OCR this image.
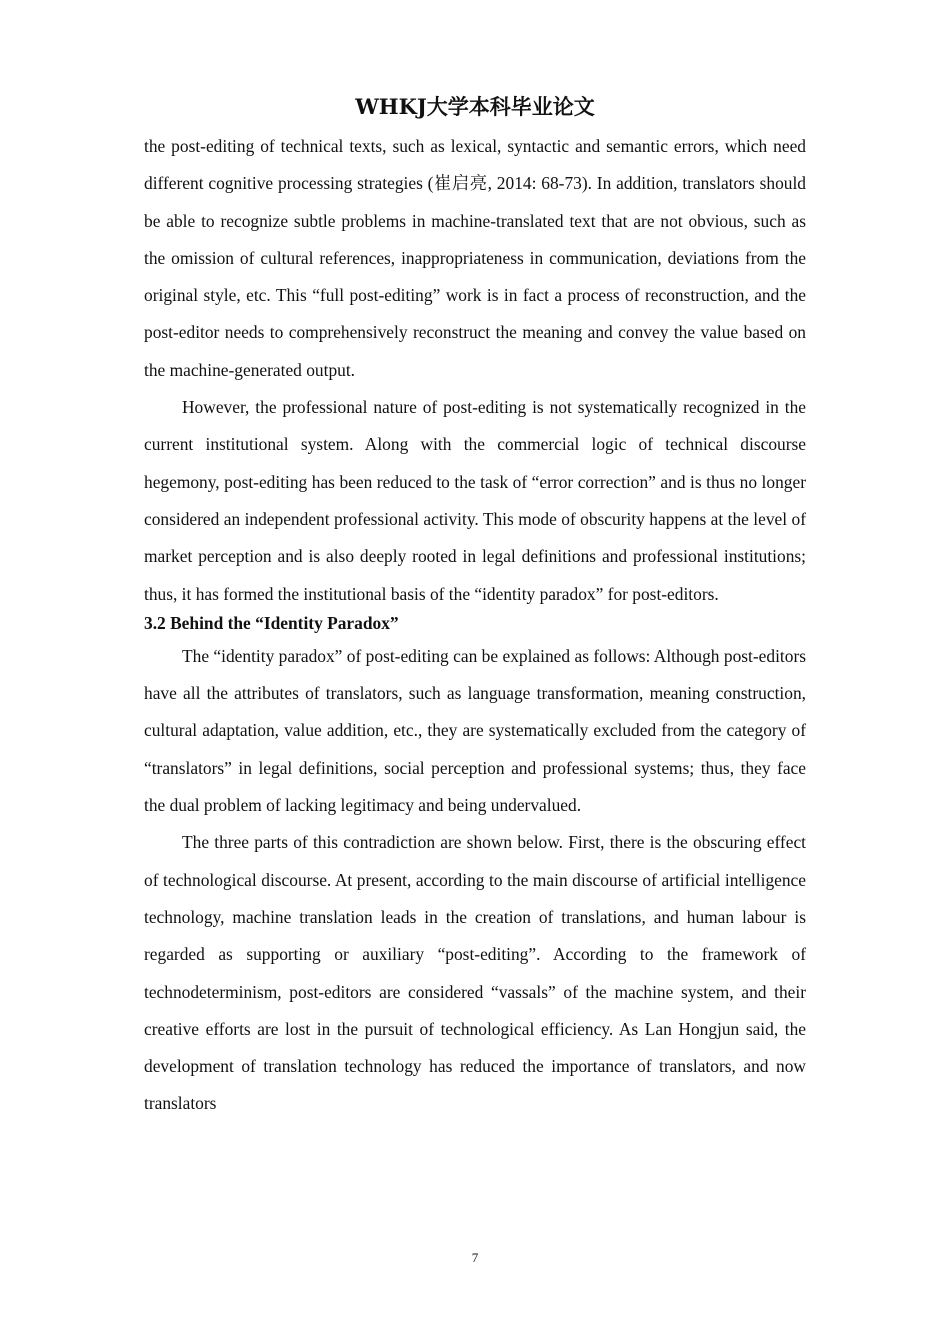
WHKJ大学本科毕业论文

the post-editing of technical texts, such as lexical, syntactic and semantic errors, which need different cognitive processing strategies (崔启亮, 2014: 68-73). In addition, translators should be able to recognize subtle problems in machine-translated text that are not obvious, such as the omission of cultural references, inappropriateness in communication, deviations from the original style, etc. This “full post-editing” work is in fact a process of reconstruction, and the post-editor needs to comprehensively reconstruct the meaning and convey the value based on the machine-generated output.

However, the professional nature of post-editing is not systematically recognized in the current institutional system. Along with the commercial logic of technical discourse hegemony, post-editing has been reduced to the task of “error correction” and is thus no longer considered an independent professional activity. This mode of obscurity happens at the level of market perception and is also deeply rooted in legal definitions and professional institutions; thus, it has formed the institutional basis of the “identity paradox” for post-editors.

3.2 Behind the “Identity Paradox”

The “identity paradox” of post-editing can be explained as follows: Although post-editors have all the attributes of translators, such as language transformation, meaning construction, cultural adaptation, value addition, etc., they are systematically excluded from the category of “translators” in legal definitions, social perception and professional systems; thus, they face the dual problem of lacking legitimacy and being undervalued.

The three parts of this contradiction are shown below. First, there is the obscuring effect of technological discourse. At present, according to the main discourse of artificial intelligence technology, machine translation leads in the creation of translations, and human labour is regarded as supporting or auxiliary “post-editing”. According to the framework of technodeterminism, post-editors are considered “vassals” of the machine system, and their creative efforts are lost in the pursuit of technological efficiency. As Lan Hongjun said, the development of translation technology has reduced the importance of translators, and now translators

7
